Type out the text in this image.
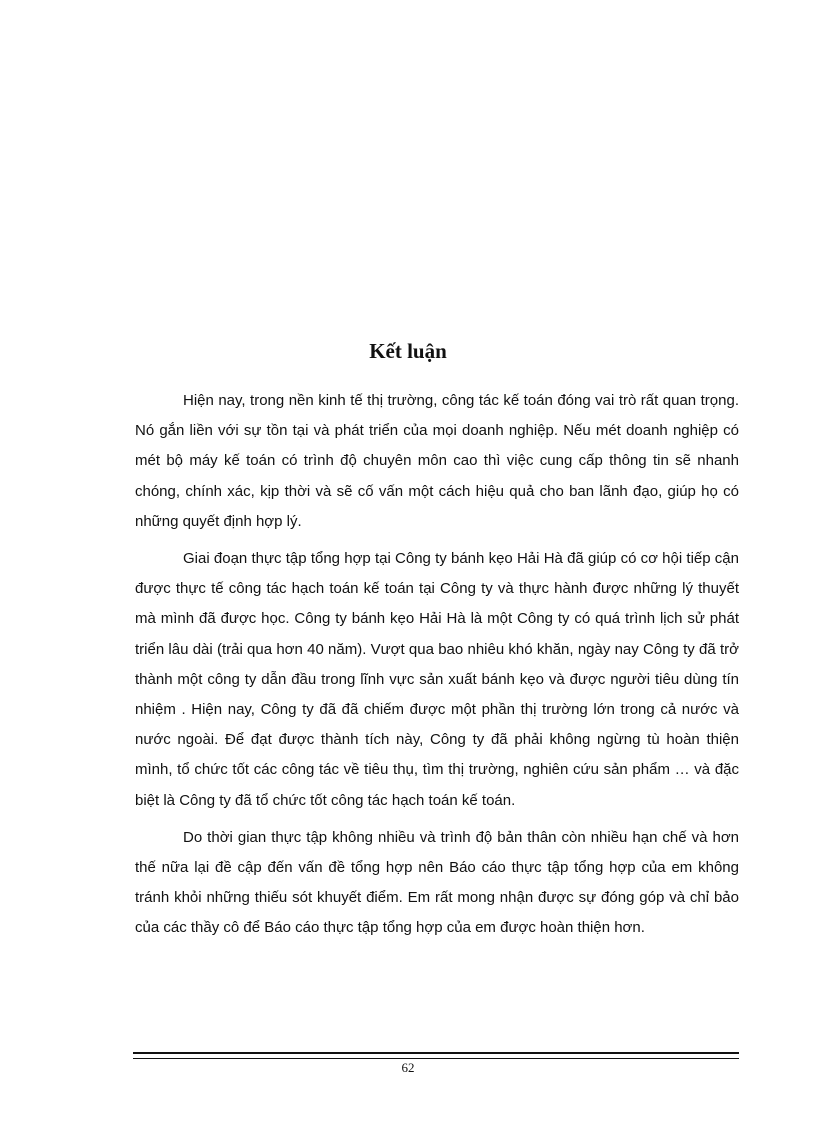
Kết luận

Hiện nay, trong nền kinh tế thị trường, công tác kế toán đóng vai trò rất quan trọng. Nó gắn liền với sự tồn tại và phát triển của mọi doanh nghiệp. Nếu mét doanh nghiệp có mét bộ máy kế toán có trình độ chuyên môn cao thì việc cung cấp thông tin sẽ nhanh chóng, chính xác, kịp thời và sẽ cố vấn một cách hiệu quả cho ban lãnh đạo, giúp họ có những quyết định hợp lý.

Giai đoạn thực tập tổng hợp tại Công ty bánh kẹo Hải Hà đã giúp có cơ hội tiếp cận được thực tế công tác hạch toán kế toán tại Công ty và thực hành được những lý thuyết mà mình đã được học. Công ty bánh kẹo Hải Hà là một Công ty có quá trình lịch sử phát triển lâu dài (trải qua hơn 40 năm). Vượt qua bao nhiêu khó khăn, ngày nay Công ty đã trở thành một công ty dẫn đầu trong lĩnh vực sản xuất bánh kẹo và được người tiêu dùng tín nhiệm . Hiện nay, Công ty đã đã chiếm được một phần thị trường lớn trong cả nước và nước ngoài. Để đạt được thành tích này, Công ty đã phải không ngừng tù hoàn thiện mình, tổ chức tốt các công tác về tiêu thụ, tìm thị trường, nghiên cứu sản phẩm … và đặc biệt là Công ty đã tổ chức tốt công tác hạch toán kế toán.

Do thời gian thực tập không nhiều và trình độ bản thân còn nhiều hạn chế và hơn thế nữa lại đề cập đến vấn đề tổng hợp nên Báo cáo thực tập tổng hợp của em không tránh khỏi những thiếu sót khuyết điểm. Em rất mong nhận được sự đóng góp và chỉ bảo của các thầy cô để Báo cáo thực tập tổng hợp của em được hoàn thiện hơn.

62
